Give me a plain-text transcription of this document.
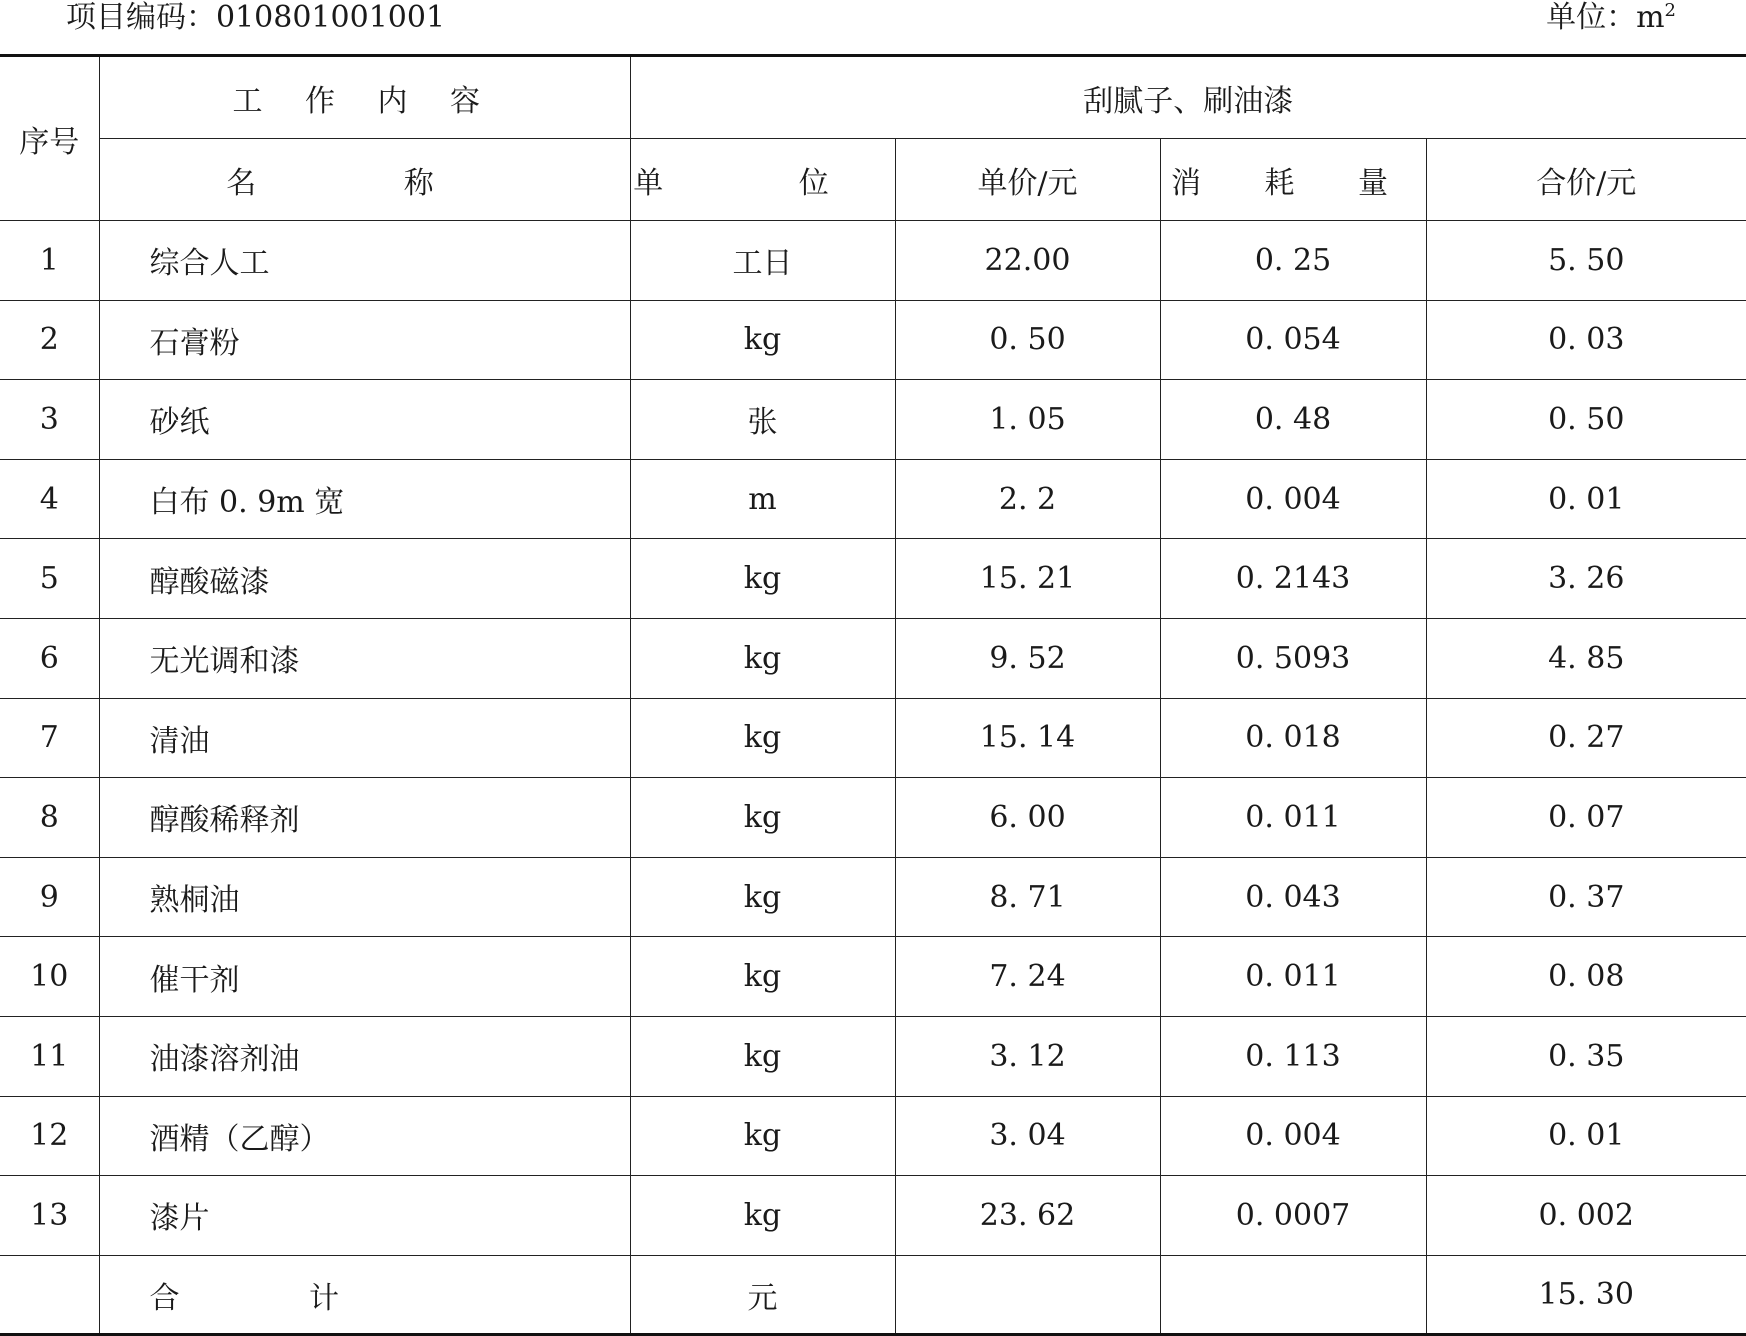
项目编码：010801001001	单位：$m^2$
序号	工 作 内 容	刮腻子、刷油漆			
	名 称	单 位	单价/元	消 耗 量	合价/元
1	综合人工	工日	22.00	0. 25	5. 50
2	石膏粉	kg	0. 50	0. 054	0. 03
3	砂纸	张	1. 05	0. 48	0. 50
4	白布 0. 9m 宽	m	2. 2	0. 004	0. 01
5	醇酸磁漆	kg	15. 21	0. 2143	3. 26
6	无光调和漆	kg	9. 52	0. 5093	4. 85
7	清油	kg	15. 14	0. 018	0. 27
8	醇酸稀释剂	kg	6. 00	0. 011	0. 07
9	熟桐油	kg	8. 71	0. 043	0. 37
10	催干剂	kg	7. 24	0. 011	0. 08
11	油漆溶剂油	kg	3. 12	0. 113	0. 35
12	酒精（乙醇）	kg	3. 04	0. 004	0. 01
13	漆片	kg	23. 62	0. 0007	0. 002
	合 计	元			15. 30
